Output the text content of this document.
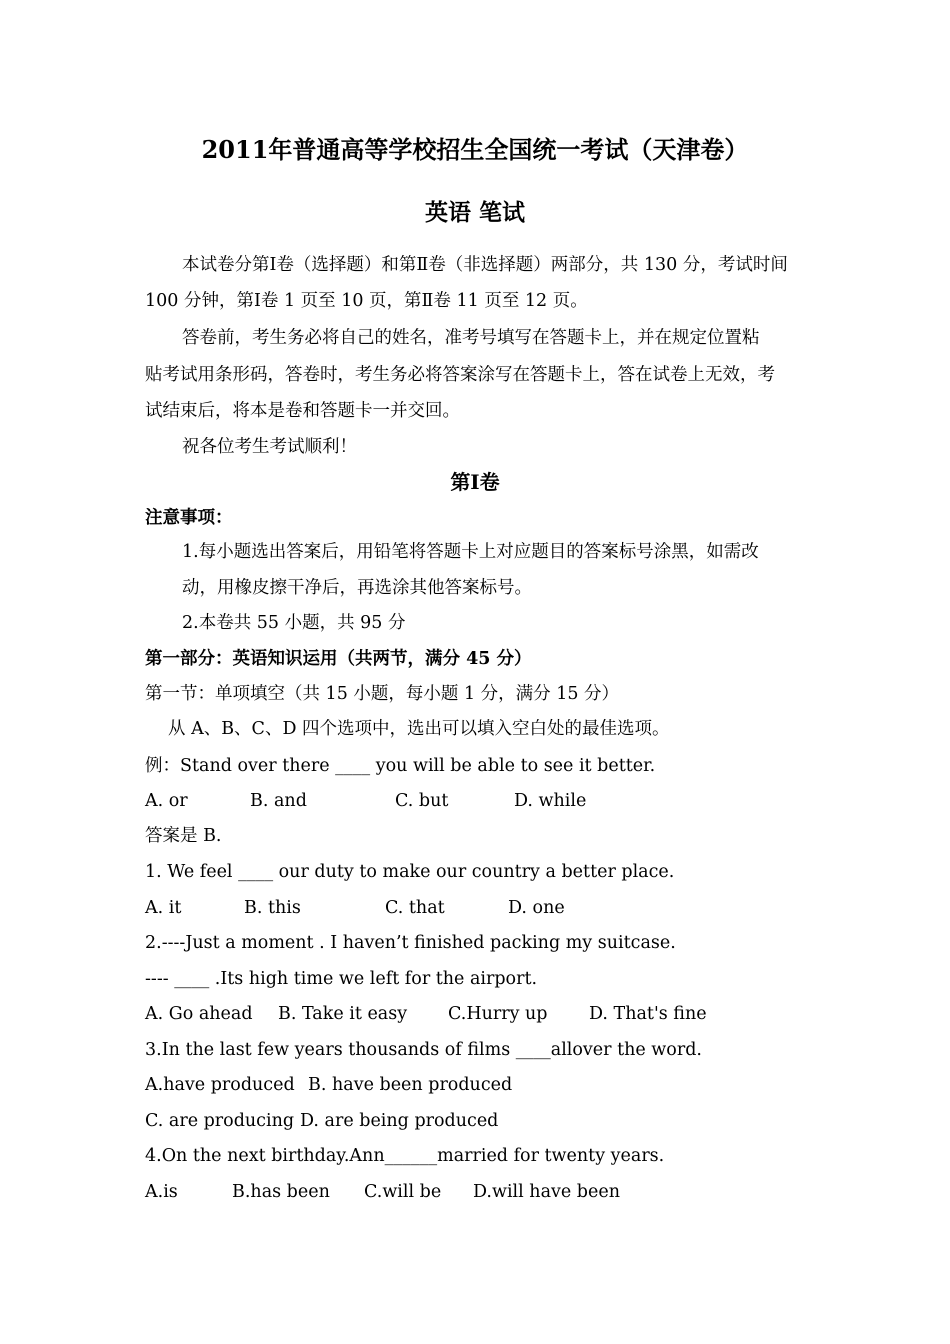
2011年普通高等学校招生全国统一考试（天津卷）
英语 笔试
本试卷分第Ⅰ卷（选择题）和第Ⅱ卷（非选择题）两部分，共 130 分，考试时间
100 分钟，第Ⅰ卷 1 页至 10 页，第Ⅱ卷 11 页至 12 页。
答卷前，考生务必将自己的姓名，准考号填写在答题卡上，并在规定位置粘
贴考试用条形码，答卷时，考生务必将答案涂写在答题卡上，答在试卷上无效，考
试结束后，将本是卷和答题卡一并交回。
祝各位考生考试顺利！
第Ⅰ卷
注意事项：
1.每小题选出答案后，用铅笔将答题卡上对应题目的答案标号涂黑，如需改
动，用橡皮擦干净后，再选涂其他答案标号。
2.本卷共 55 小题，共 95 分
第一部分：英语知识运用（共两节，满分 45 分）
第一节：单项填空（共 15 小题，每小题 1 分，满分 15 分）
从 A、B、C、D 四个选项中，选出可以填入空白处的最佳选项。
例：Stand over there ____ you will be able to see it better.
A. or	B. and	C. but	D. while
答案是 B.
1. We feel ____ our duty to make our country a better place.
A. it	B. this	C. that	D. one
2.----Just a moment . I haven’t finished packing my suitcase.
---- ____ .Its high time we left for the airport.
A. Go ahead B. Take it easy C.Hurry up D. That's fine
3.In the last few years thousands of films ____allover the word.
A.have produced B. have been produced
C. are producing D. are being produced
4.On the next birthday.Ann______married for twenty years.
A.is	B.has been C.will be D.will have been
